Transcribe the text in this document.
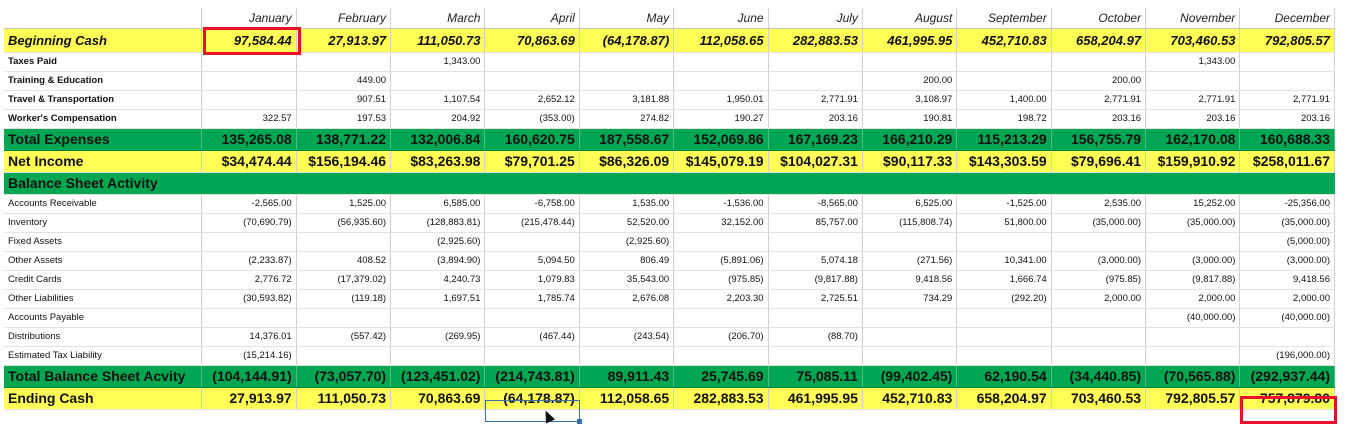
	January	February	March	April	May	June	July	August	September	October	November	December
Beginning Cash	97,584.44	27,913.97	111,050.73	70,863.69	(64,178.87)	112,058.65	282,883.53	461,995.95	452,710.83	658,204.97	703,460.53	792,805.57
Taxes Paid			1,343.00								1,343.00	
Training & Education		449.00						200.00		200.00		
Travel & Transportation		907.51	1,107.54	2,652.12	3,181.88	1,950.01	2,771.91	3,108.97	1,400.00	2,771.91	2,771.91	2,771.91
Worker's Compensation	322.57	197.53	204.92	(353.00)	274.82	190.27	203.16	190.81	198.72	203.16	203.16	203.16
Total Expenses	135,265.08	138,771.22	132,006.84	160,620.75	187,558.67	152,069.86	167,169.23	166,210.29	115,213.29	156,755.79	162,170.08	160,688.33
Net Income	$34,474.44	$156,194.46	$83,263.98	$79,701.25	$86,326.09	$145,079.19	$104,027.31	$90,117.33	$143,303.59	$79,696.41	$159,910.92	$258,011.67
Balance Sheet Activity												
Accounts Receivable	-2,565.00	1,525.00	6,585.00	-6,758.00	1,535.00	-1,536.00	-8,565.00	6,525.00	-1,525.00	2,535.00	15,252.00	-25,356.00
Inventory	(70,690.79)	(56,935.60)	(128,883.81)	(215,478.44)	52,520.00	32,152.00	85,757.00	(115,808.74)	51,800.00	(35,000.00)	(35,000.00)	(35,000.00)
Fixed Assets			(2,925.60)		(2,925.60)							(5,000.00)
Other Assets	(2,233.87)	408.52	(3,894.90)	5,094.50	806.49	(5,891.06)	5,074.18	(271.56)	10,341.00	(3,000.00)	(3,000.00)	(3,000.00)
Credit Cards	2,776.72	(17,379.02)	4,240.73	1,079.83	35,543.00	(975.85)	(9,817.88)	9,418.56	1,666.74	(975.85)	(9,817.88)	9,418.56
Other Liabilities	(30,593.82)	(119.18)	1,697.51	1,785.74	2,676.08	2,203.30	2,725.51	734.29	(292.20)	2,000.00	2,000.00	2,000.00
Accounts Payable											(40,000.00)	(40,000.00)
Distributions	14,376.01	(557.42)	(269.95)	(467.44)	(243.54)	(206.70)	(88.70)					
Estimated Tax Liability	(15,214.16)											(196,000.00)
Total Balance Sheet Acvity	(104,144.91)	(73,057.70)	(123,451.02)	(214,743.81)	89,911.43	25,745.69	75,085.11	(99,402.45)	62,190.54	(34,440.85)	(70,565.88)	(292,937.44)
Ending Cash	27,913.97	111,050.73	70,863.69	(64,178.87)	112,058.65	282,883.53	461,995.95	452,710.83	658,204.97	703,460.53	792,805.57	757,879.80
